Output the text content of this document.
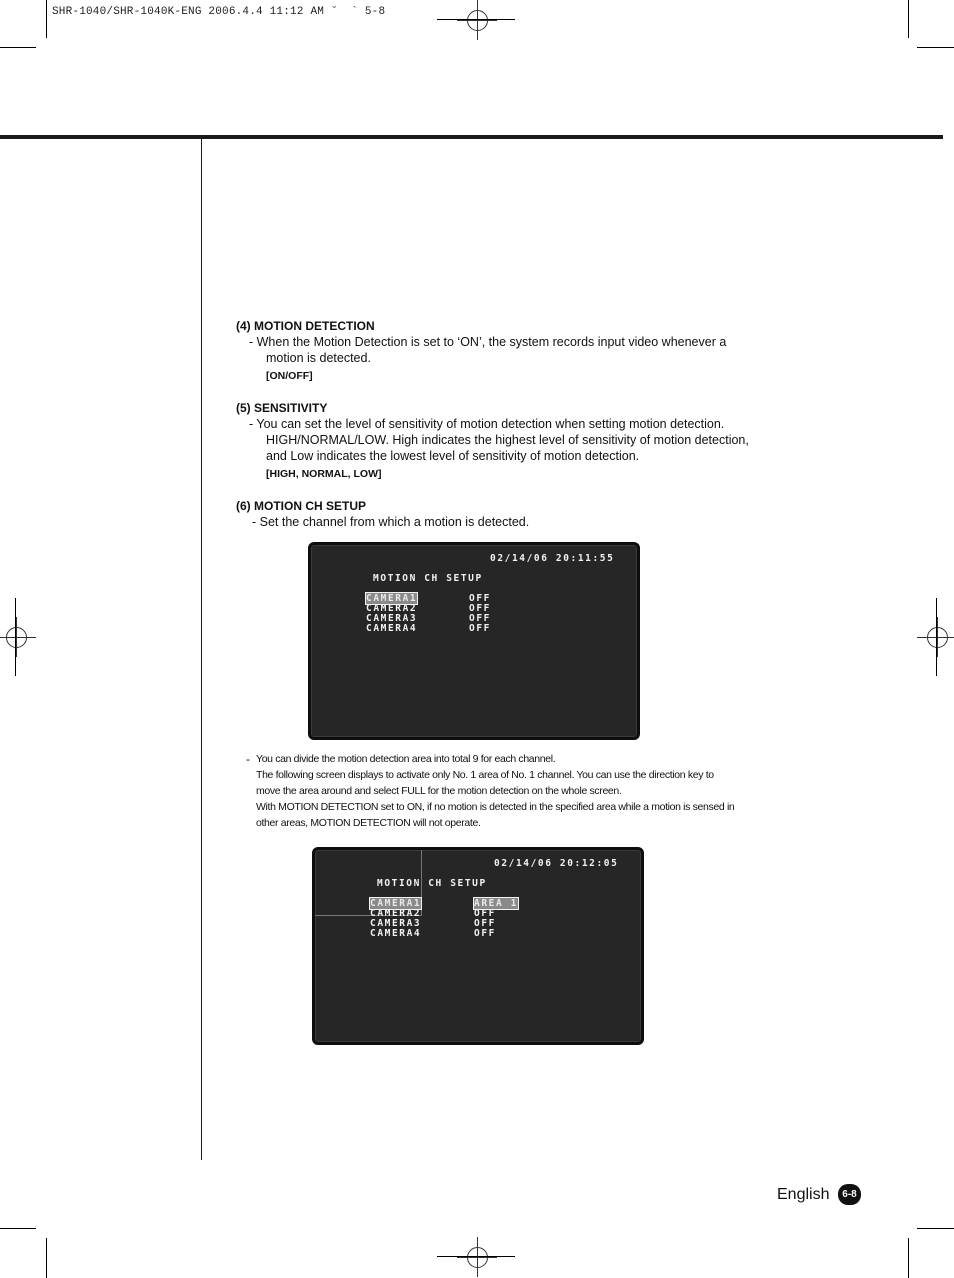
SHR-1040/SHR-1040K-ENG 2006.4.4 11:12 AM ˘  ` 5-8

(4) MOTION DETECTION

- When the Motion Detection is set to ‘ON’, the system records input video whenever a

motion is detected.

[ON/OFF]

(5) SENSITIVITY

- You can set the level of sensitivity of motion detection when setting motion detection.

HIGH/NORMAL/LOW. High indicates the highest level of sensitivity of motion detection,

and Low indicates the lowest level of sensitivity of motion detection.

[HIGH, NORMAL, LOW]

(6) MOTION CH SETUP

- Set the channel from which a motion is detected.

02/14/06 20:11:55
MOTION CH SETUP
CAMERA1	OFF
CAMERA2	OFF
CAMERA3	OFF
CAMERA4	OFF
- You can divide the motion detection area into total 9 for each channel.

The following screen displays to activate only No. 1 area of No. 1 channel. You can use the direction key to

move the area around and select FULL for the motion detection on the whole screen.

With MOTION DETECTION set to ON, if no motion is detected in the specified area while a motion is sensed in

other areas, MOTION DETECTION will not operate.

02/14/06 20:12:05
MOTION CH SETUP
CAMERA1	AREA 1
CAMERA2	OFF
CAMERA3	OFF
CAMERA4	OFF
English	6-8
